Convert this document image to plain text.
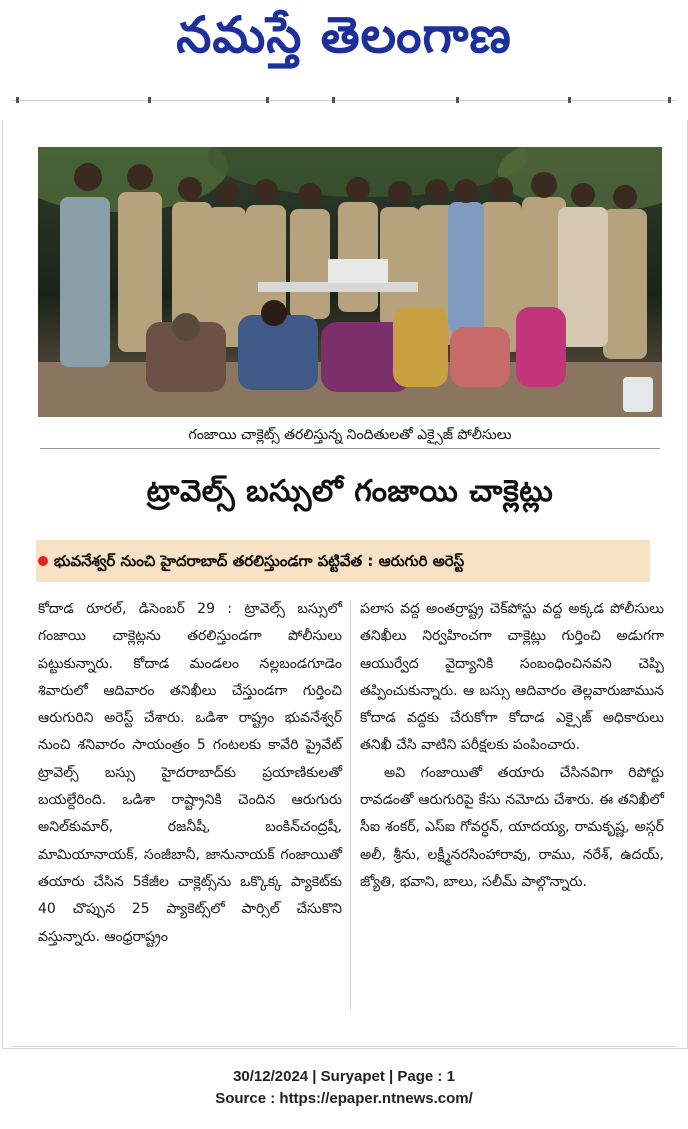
నమస్తే తెలంగాణ
గంజాయి చాక్లెట్స్ తరలిస్తున్న నిందితులతో ఎక్సైజ్ పోలీసులు
ట్రావెల్స్ బస్సులో గంజాయి చాక్లెట్లు
భువనేశ్వర్ నుంచి హైదరాబాద్ తరలిస్తుండగా పట్టివేత : ఆరుగురి అరెస్ట్

కోదాడ రూరల్, డిసెంబర్ 29 : ట్రావెల్స్ బస్సులో గంజాయి చాక్లెట్లను తరలిస్తుండగా పోలీసులు పట్టుకున్నారు. కోదాడ మండలం నల్లబండగూడెం శివారులో ఆదివారం తనిఖీలు చేస్తుండగా గుర్తించి ఆరుగురిని అరెస్ట్ చేశారు. ఒడిశా రాష్ట్రం భువనేశ్వర్ నుంచి శనివారం సాయంత్రం 5 గంటలకు కావేరి ప్రైవేట్ ట్రావెల్స్ బస్సు హైదరాబాద్‌కు ప్రయాణికులతో బయల్దేరింది. ఒడిశా రాష్ట్రానికి చెందిన ఆరుగురు అనిల్‌కుమార్, రజనీషీ, బంకిన్‌చంద్రషీ, మామియానాయక్, సంజీబానీ, జానునాయక్ గంజాయితో తయారు చేసిన 5కేజీల చాక్లెట్స్‌ను ఒక్కొక్క ప్యాకెట్‌కు 40 చొప్పున 25 ప్యాకెట్స్‌లో పార్సిల్ చేసుకొని వస్తున్నారు. ఆంధ్రరాష్ట్రం

పలాస వద్ద అంతర్రాష్ట్ర చెక్‌పోస్టు వద్ద అక్కడ పోలీసులు తనిఖీలు నిర్వహించగా చాక్లెట్లు గుర్తించి అడుగగా ఆయుర్వేద వైద్యానికి సంబంధించినవని చెప్పి తప్పించుకున్నారు. ఆ బస్సు ఆదివారం తెల్లవారుజామున కోదాడ వద్దకు చేరుకోగా కోదాడ ఎక్సైజ్ అధికారులు తనిఖీ చేసి వాటిని పరీక్షలకు పంపించారు.

అవి గంజాయితో తయారు చేసినవిగా రిపోర్టు రావడంతో ఆరుగురిపై కేసు నమోదు చేశారు. ఈ తనిఖీలో సీఐ శంకర్, ఎస్‌ఐ గోవర్ధన్, యాదయ్య, రామకృష్ణ, అస్గర్ అలీ, శ్రీను, లక్ష్మీనరసింహారావు, రాము, నరేశ్, ఉదయ్, జ్యోతి, భవాని, బాలు, సలీమ్ పాల్గొన్నారు.

30/12/2024 | Suryapet | Page : 1
Source : https://epaper.ntnews.com/
